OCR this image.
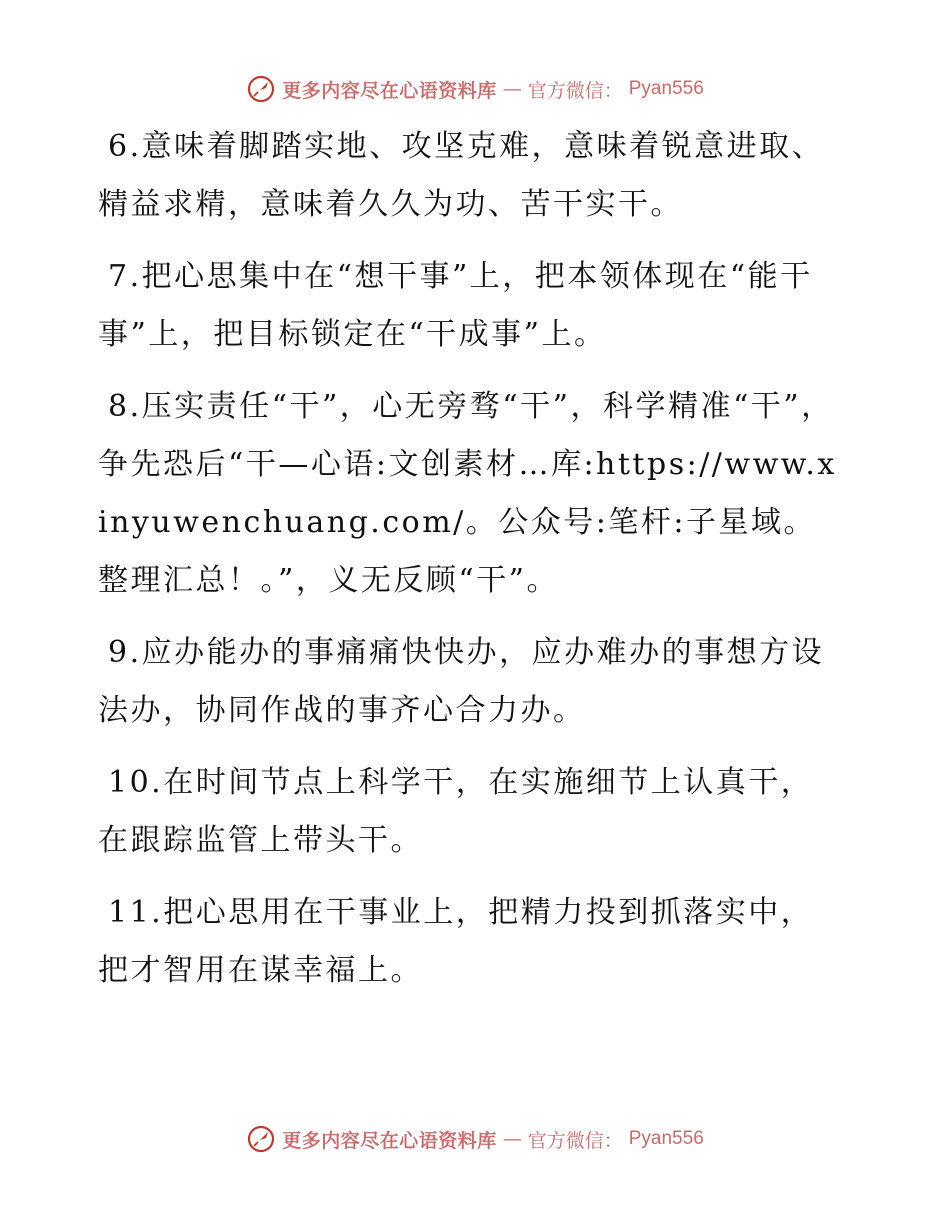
更多内容尽在心语资料库 — 官方微信： Pyan556

6.意味着脚踏实地、攻坚克难，意味着锐意进取、精益求精，意味着久久为功、苦干实干。

7.把心思集中在“想干事”上，把本领体现在“能干事”上，把目标锁定在“干成事”上。

8.压实责任“干”，心无旁骛“干”，科学精准“干”，争先恐后“干—心语:文创素材…库:https://www.xinyuwenchuang.com/。公众号:笔杆:子星域。整理汇总！。”，义无反顾“干”。

9.应办能办的事痛痛快快办，应办难办的事想方设法办，协同作战的事齐心合力办。

10.在时间节点上科学干，在实施细节上认真干，在跟踪监管上带头干。

11.把心思用在干事业上，把精力投到抓落实中，把才智用在谋幸福上。

更多内容尽在心语资料库 — 官方微信： Pyan556
